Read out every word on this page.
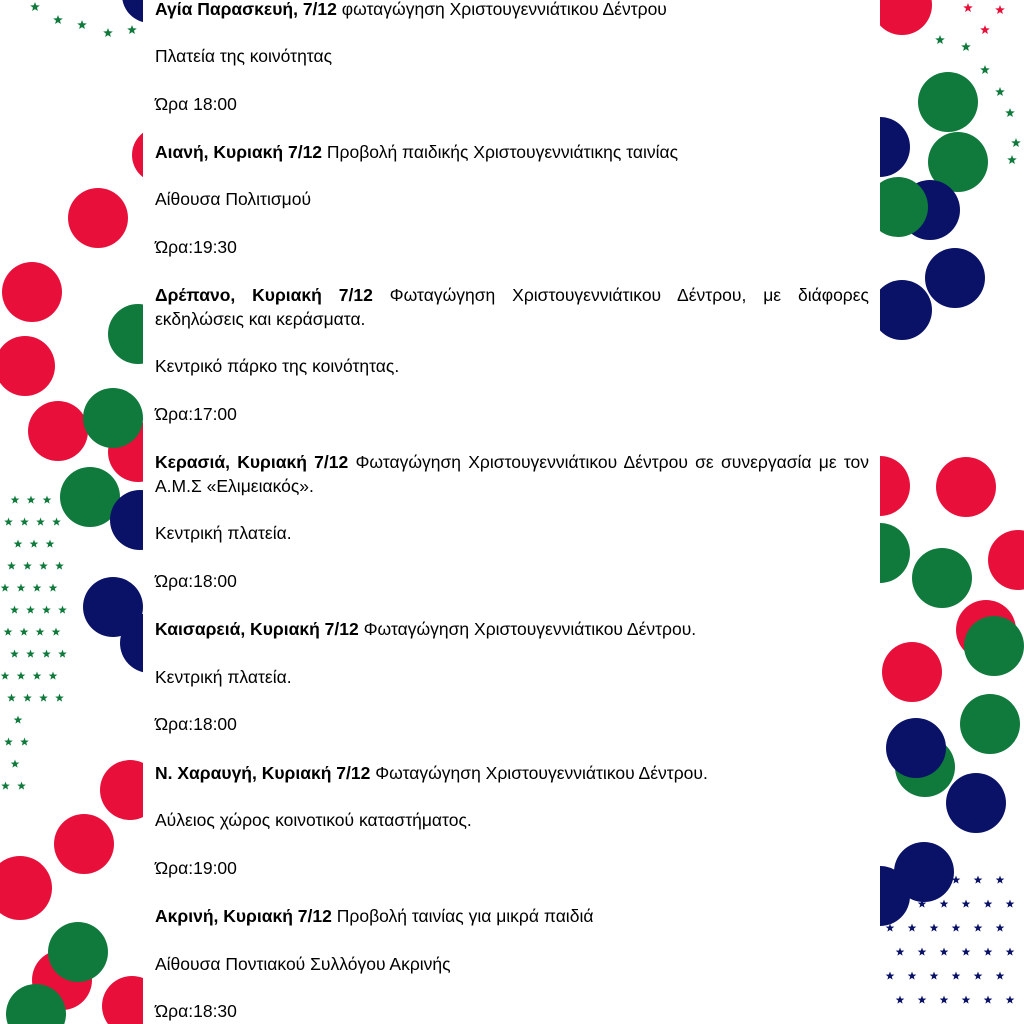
Αγία Παρασκευή, 7/12 φωταγώγηση Χριστουγεννιάτικου Δέντρου

Πλατεία της κοινότητας

Ώρα 18:00

Αιανή, Κυριακή 7/12 Προβολή παιδικής Χριστουγεννιάτικης ταινίας

Αίθουσα Πολιτισμού

Ώρα:19:30

Δρέπανο, Κυριακή 7/12 Φωταγώγηση Χριστουγεννιάτικου Δέντρου, με διάφορες εκδηλώσεις και κεράσματα.

Κεντρικό πάρκο της κοινότητας.

Ώρα:17:00

Κερασιά, Κυριακή 7/12 Φωταγώγηση Χριστουγεννιάτικου Δέντρου σε συνεργασία με τον Α.Μ.Σ «Ελιμειακός».

Κεντρική πλατεία.

Ώρα:18:00

Καισαρειά, Κυριακή 7/12 Φωταγώγηση Χριστουγεννιάτικου Δέντρου.

Κεντρική πλατεία.

Ώρα:18:00

Ν. Χαραυγή, Κυριακή 7/12 Φωταγώγηση Χριστουγεννιάτικου Δέντρου.

Αύλειος χώρος κοινοτικού καταστήματος.

Ώρα:19:00

Ακρινή, Κυριακή 7/12 Προβολή ταινίας για μικρά παιδιά

Αίθουσα Ποντιακού Συλλόγου Ακρινής

Ώρα:18:30
